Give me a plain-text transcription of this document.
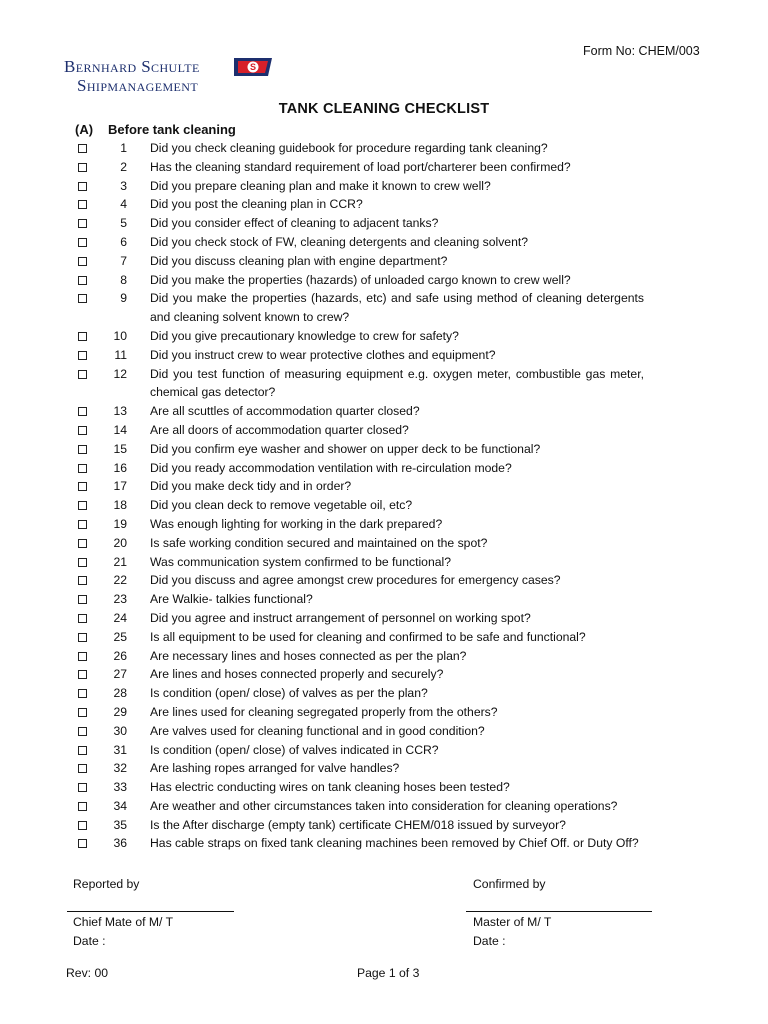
Form No: CHEM/003
Bernhard Schulte
Shipmanagement
S
TANK CLEANING CHECKLIST
(A) Before tank cleaning
1 Did you check cleaning guidebook for procedure regarding tank cleaning?
2 Has the cleaning standard requirement of load port/charterer been confirmed?
3 Did you prepare cleaning plan and make it known to crew well?
4 Did you post the cleaning plan in CCR?
5 Did you consider effect of cleaning to adjacent tanks?
6 Did you check stock of FW, cleaning detergents and cleaning solvent?
7 Did you discuss cleaning plan with engine department?
8 Did you make the properties (hazards) of unloaded cargo known to crew well?
9 Did you make the properties (hazards, etc) and safe using method of cleaning detergents and cleaning solvent known to crew?
10 Did you give precautionary knowledge to crew for safety?
11 Did you instruct crew to wear protective clothes and equipment?
12 Did you test function of measuring equipment e.g. oxygen meter, combustible gas meter, chemical gas detector?
13 Are all scuttles of accommodation quarter closed?
14 Are all doors of accommodation quarter closed?
15 Did you confirm eye washer and shower on upper deck to be functional?
16 Did you ready accommodation ventilation with re-circulation mode?
17 Did you make deck tidy and in order?
18 Did you clean deck to remove vegetable oil, etc?
19 Was enough lighting for working in the dark prepared?
20 Is safe working condition secured and maintained on the spot?
21 Was communication system confirmed to be functional?
22 Did you discuss and agree amongst crew procedures for emergency cases?
23 Are Walkie- talkies functional?
24 Did you agree and instruct arrangement of personnel on working spot?
25 Is all equipment to be used for cleaning and confirmed to be safe and functional?
26 Are necessary lines and hoses connected as per the plan?
27 Are lines and hoses connected properly and securely?
28 Is condition (open/ close) of valves as per the plan?
29 Are lines used for cleaning segregated properly from the others?
30 Are valves used for cleaning functional and in good condition?
31 Is condition (open/ close) of valves indicated in CCR?
32 Are lashing ropes arranged for valve handles?
33 Has electric conducting wires on tank cleaning hoses been tested?
34 Are weather and other circumstances taken into consideration for cleaning operations?
35 Is the After discharge (empty tank) certificate CHEM/018 issued by surveyor?
36 Has cable straps on fixed tank cleaning machines been removed by Chief Off. or Duty Off?
Reported by	Confirmed by
Chief Mate of M/ T	Master of M/ T
Date :	Date :
Rev: 00	Page 1 of 3
